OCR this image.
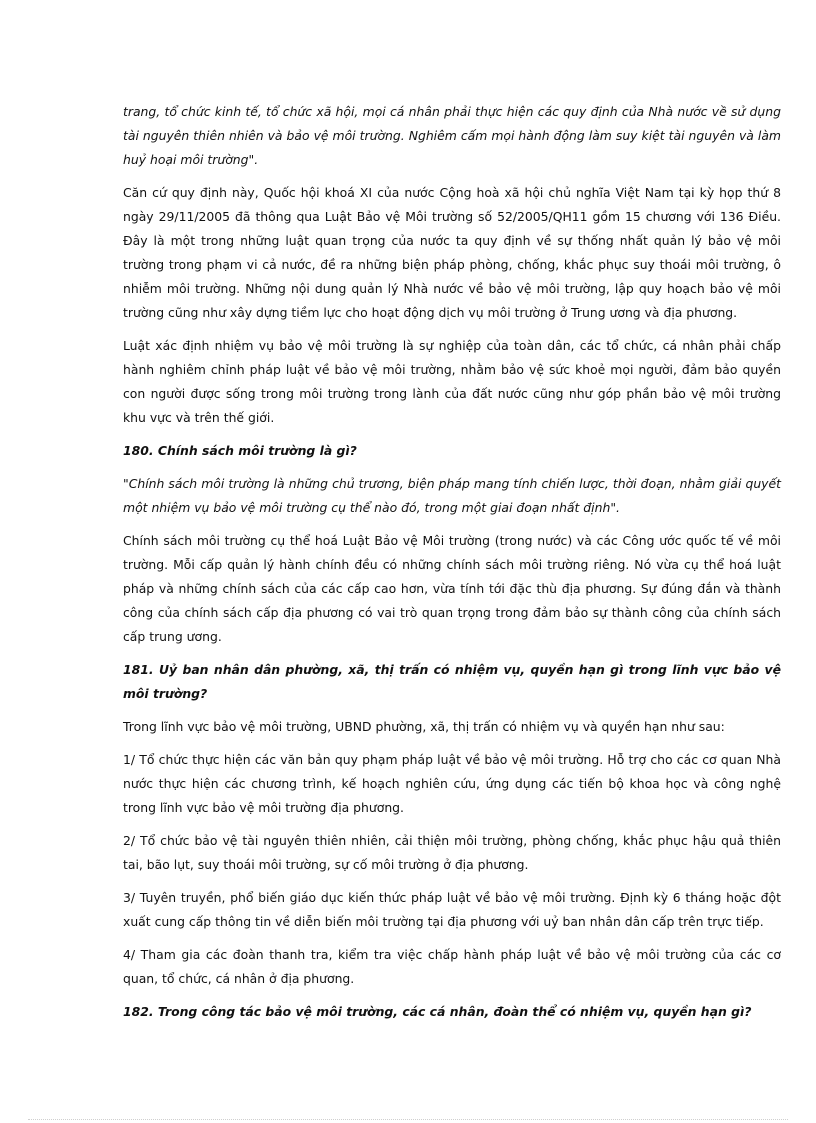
trang, tổ chức kinh tế, tổ chức xã hội, mọi cá nhân phải thực hiện các quy định của Nhà nước về sử dụng tài nguyên thiên nhiên và bảo vệ môi trường. Nghiêm cấm mọi hành động làm suy kiệt tài nguyên và làm huỷ hoại môi trường".

Căn cứ quy định này, Quốc hội khoá XI của nước Cộng hoà xã hội chủ nghĩa Việt Nam tại kỳ họp thứ 8 ngày 29/11/2005 đã thông qua Luật Bảo vệ Môi trường số 52/2005/QH11 gồm 15 chương với 136 Điều. Đây là một trong những luật quan trọng của nước ta quy định về sự thống nhất quản lý bảo vệ môi trường trong phạm vi cả nước, đề ra những biện pháp phòng, chống, khắc phục suy thoái môi trường, ô nhiễm môi trường. Những nội dung quản lý Nhà nước về bảo vệ môi trường, lập quy hoạch bảo vệ môi trường cũng như xây dựng tiềm lực cho hoạt động dịch vụ môi trường ở Trung ương và địa phương.

Luật xác định nhiệm vụ bảo vệ môi trường là sự nghiệp của toàn dân, các tổ chức, cá nhân phải chấp hành nghiêm chỉnh pháp luật về bảo vệ môi trường, nhằm bảo vệ sức khoẻ mọi người, đảm bảo quyền con người được sống trong môi trường trong lành của đất nước cũng như góp phần bảo vệ môi trường khu vực và trên thế giới.

180. Chính sách môi trường là gì?

"Chính sách môi trường là những chủ trương, biện pháp mang tính chiến lược, thời đoạn, nhằm giải quyết một nhiệm vụ bảo vệ môi trường cụ thể nào đó, trong một giai đoạn nhất định".

Chính sách môi trường cụ thể hoá Luật Bảo vệ Môi trường (trong nước) và các Công ước quốc tế về môi trường. Mỗi cấp quản lý hành chính đều có những chính sách môi trường riêng. Nó vừa cụ thể hoá luật pháp và những chính sách của các cấp cao hơn, vừa tính tới đặc thù địa phương. Sự đúng đắn và thành công của chính sách cấp địa phương có vai trò quan trọng trong đảm bảo sự thành công của chính sách cấp trung ương.

181. Uỷ ban nhân dân phường, xã, thị trấn có nhiệm vụ, quyền hạn gì trong lĩnh vực bảo vệ môi trường?

Trong lĩnh vực bảo vệ môi trường, UBND phường, xã, thị trấn có nhiệm vụ và quyền hạn như sau:

1/ Tổ chức thực hiện các văn bản quy phạm pháp luật về bảo vệ môi trường. Hỗ trợ cho các cơ quan Nhà nước thực hiện các chương trình, kế hoạch nghiên cứu, ứng dụng các tiến bộ khoa học và công nghệ trong lĩnh vực bảo vệ môi trường địa phương.

2/ Tổ chức bảo vệ tài nguyên thiên nhiên, cải thiện môi trường, phòng chống, khắc phục hậu quả thiên tai, bão lụt, suy thoái môi trường, sự cố môi trường ở địa phương.

3/ Tuyên truyền, phổ biến giáo dục kiến thức pháp luật về bảo vệ môi trường. Định kỳ 6 tháng hoặc đột xuất cung cấp thông tin về diễn biến môi trường tại địa phương với uỷ ban nhân dân cấp trên trực tiếp.

4/ Tham gia các đoàn thanh tra, kiểm tra việc chấp hành pháp luật về bảo vệ môi trường của các cơ quan, tổ chức, cá nhân ở địa phương.

182. Trong công tác bảo vệ môi trường, các cá nhân, đoàn thể có nhiệm vụ, quyền hạn gì?
